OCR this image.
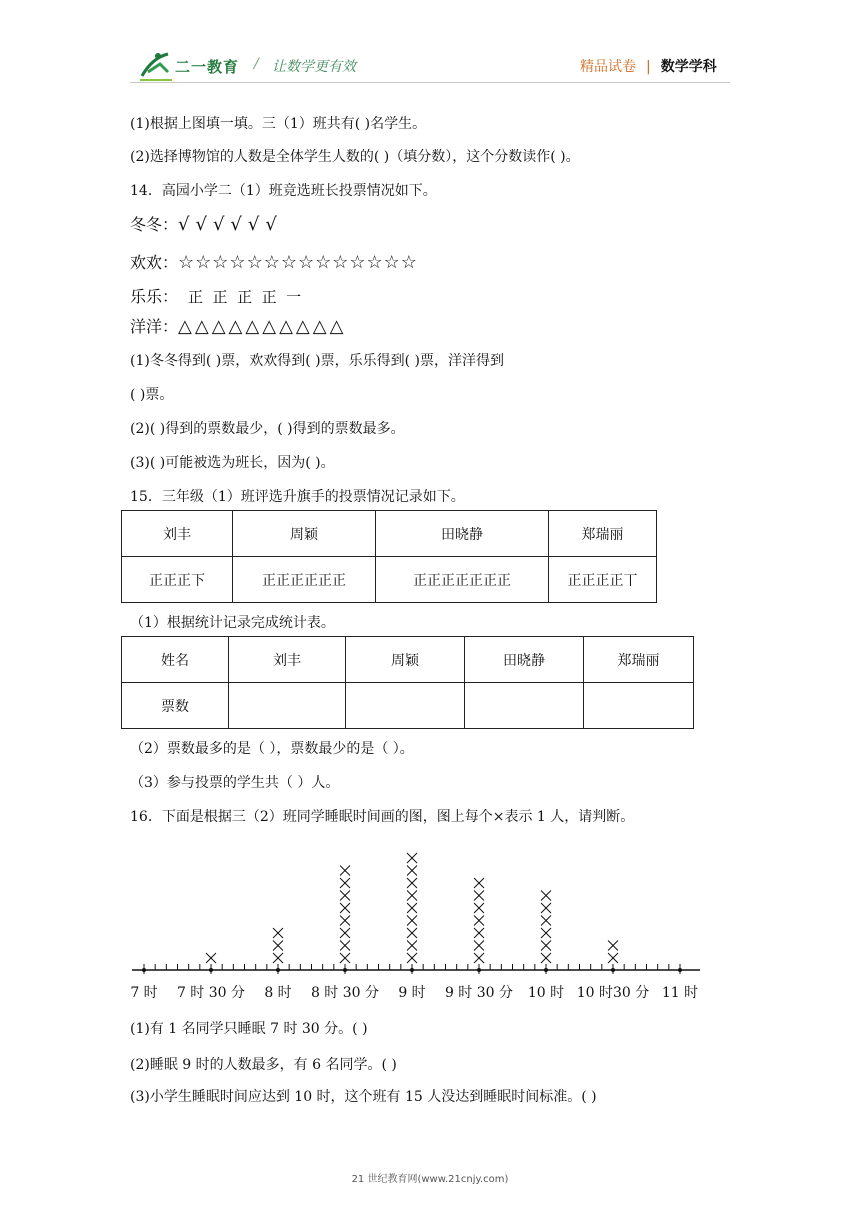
二一教育 / 让数学更有效	精品试卷 | 数学学科
(1)根据上图填一填。三（1）班共有( )名学生。
(2)选择博物馆的人数是全体学生人数的( )（填分数），这个分数读作( )。
14．高园小学二（1）班竞选班长投票情况如下。
冬冬：√√√√√√
欢欢：☆☆☆☆☆☆☆☆☆☆☆☆☆☆
乐乐： 正  正  正  正  一
洋洋：△△△△△△△△△△
(1)冬冬得到( )票，欢欢得到( )票，乐乐得到( )票，洋洋得到
( )票。
(2)( )得到的票数最少，( )得到的票数最多。
(3)( )可能被选为班长，因为( )。
15．三年级（1）班评选升旗手的投票情况记录如下。
刘丰	周颖	田晓静	郑瑞丽
正正正下	正正正正正正	正正正正正正正	正正正正丅
（1）根据统计记录完成统计表。
姓名	刘丰	周颖	田晓静	郑瑞丽
票数				
（2）票数最多的是（ ），票数最少的是（ ）。
（3）参与投票的学生共（ ）人。
16．下面是根据三（2）班同学睡眠时间画的图，图上每个×表示 1 人，请判断。
7 时 7 时 30 分 8 时 8 时 30 分 9 时 9 时 30 分 10 时 10 时30 分 11 时
(1)有 1 名同学只睡眠 7 时 30 分。( )
(2)睡眠 9 时的人数最多，有 6 名同学。( )
(3)小学生睡眠时间应达到 10 时，这个班有 15 人没达到睡眠时间标准。( )
21 世纪教育网(www.21cnjy.com)
